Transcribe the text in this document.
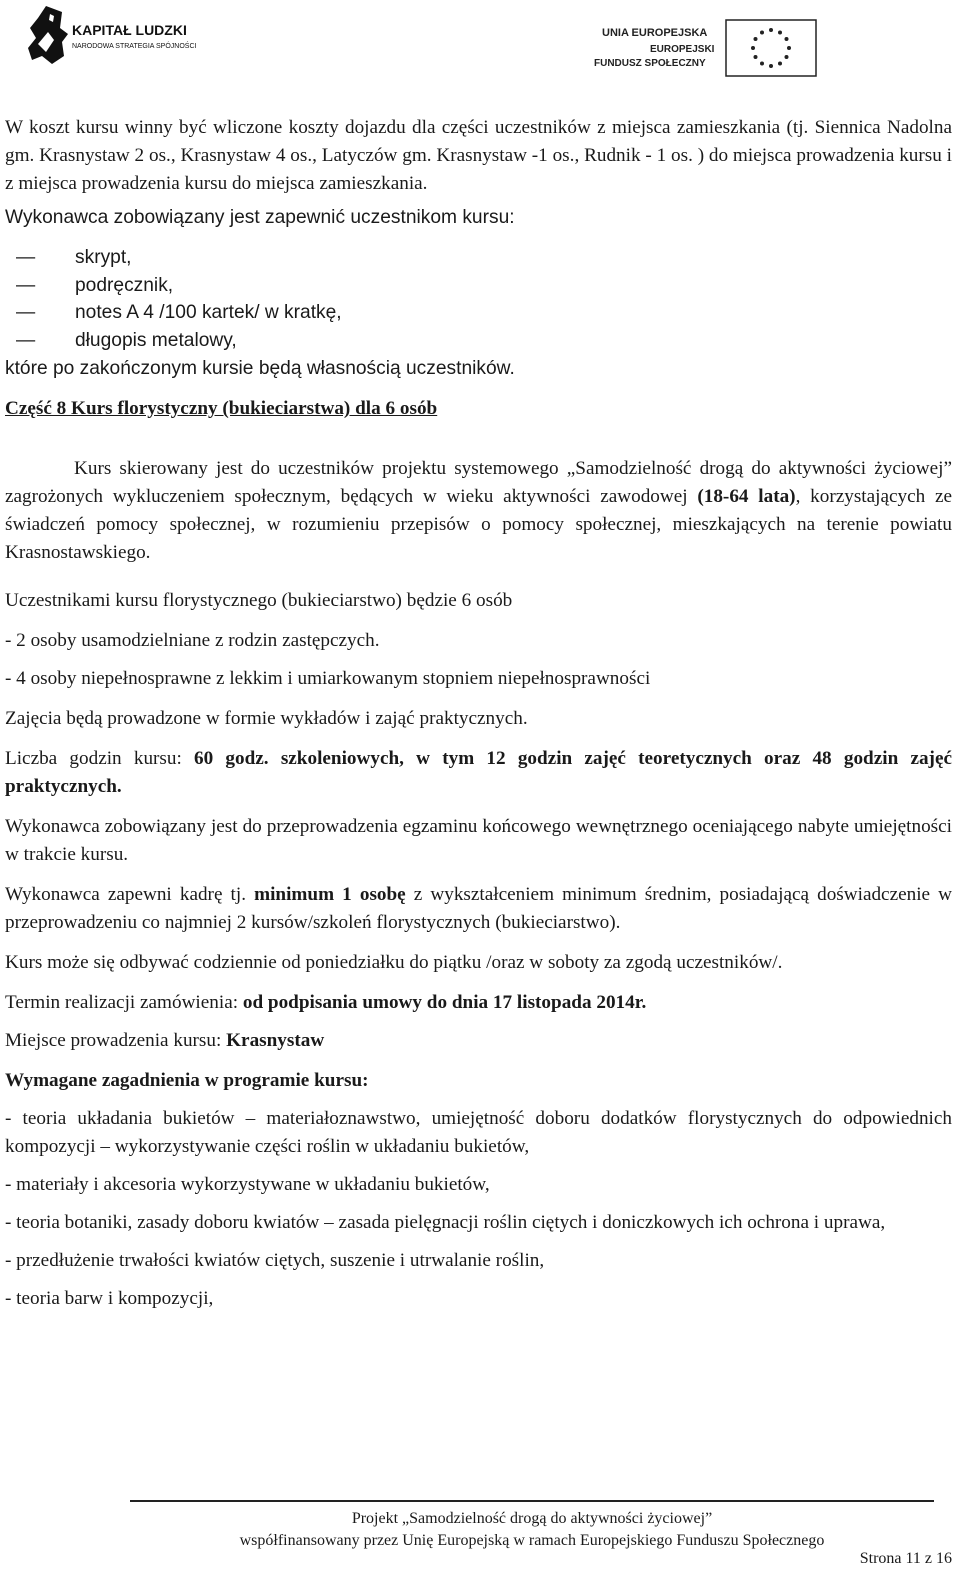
KAPITAŁ LUDZKI
NARODOWA STRATEGIA SPÓJNOŚCI
UNIA EUROPEJSKA
EUROPEJSKI
FUNDUSZ SPOŁECZNY

W koszt kursu winny być wliczone koszty dojazdu dla części uczestników z miejsca zamieszkania (tj. Siennica Nadolna gm. Krasnystaw 2 os., Krasnystaw 4 os., Latyczów gm. Krasnystaw -1 os., Rudnik - 1 os. ) do miejsca prowadzenia kursu i z miejsca prowadzenia kursu do miejsca zamieszkania.

Wykonawca zobowiązany jest zapewnić uczestnikom kursu:

— skrypt,
— podręcznik,
— notes A 4 /100 kartek/ w kratkę,
— długopis metalowy,

które po zakończonym kursie będą własnością uczestników.

Część 8 Kurs florystyczny (bukieciarstwa) dla 6 osób

Kurs skierowany jest do uczestników projektu systemowego „Samodzielność drogą do aktywności życiowej” zagrożonych wykluczeniem społecznym, będących w wieku aktywności zawodowej (18-64 lata), korzystających ze świadczeń pomocy społecznej, w rozumieniu przepisów o pomocy społecznej, mieszkających na terenie powiatu Krasnostawskiego.

Uczestnikami kursu florystycznego (bukieciarstwo) będzie 6 osób

- 2 osoby usamodzielniane z rodzin zastępczych.

- 4 osoby niepełnosprawne z lekkim i umiarkowanym stopniem niepełnosprawności

Zajęcia będą prowadzone w formie wykładów i zająć praktycznych.

Liczba godzin kursu: 60 godz. szkoleniowych, w tym 12 godzin zajęć teoretycznych oraz 48 godzin zajęć praktycznych.

Wykonawca zobowiązany jest do przeprowadzenia egzaminu końcowego wewnętrznego oceniającego nabyte umiejętności w trakcie kursu.

Wykonawca zapewni kadrę tj. minimum 1 osobę z wykształceniem minimum średnim, posiadającą doświadczenie w przeprowadzeniu co najmniej 2 kursów/szkoleń florystycznych (bukieciarstwo).

Kurs może się odbywać codziennie od poniedziałku do piątku /oraz w soboty za zgodą uczestników/.

Termin realizacji zamówienia: od podpisania umowy do dnia 17 listopada 2014r.

Miejsce prowadzenia kursu: Krasnystaw

Wymagane zagadnienia w programie kursu:

- teoria układania bukietów – materiałoznawstwo, umiejętność doboru dodatków florystycznych do odpowiednich kompozycji – wykorzystywanie części roślin w układaniu bukietów,

- materiały i akcesoria wykorzystywane w układaniu bukietów,

- teoria botaniki, zasady doboru kwiatów – zasada pielęgnacji roślin ciętych i doniczkowych ich ochrona i uprawa,

- przedłużenie trwałości kwiatów ciętych, suszenie i utrwalanie roślin,

- teoria barw i kompozycji,

Projekt „Samodzielność drogą do aktywności życiowej”
współfinansowany przez Unię Europejską w ramach Europejskiego Funduszu Społecznego
Strona 11 z 16
